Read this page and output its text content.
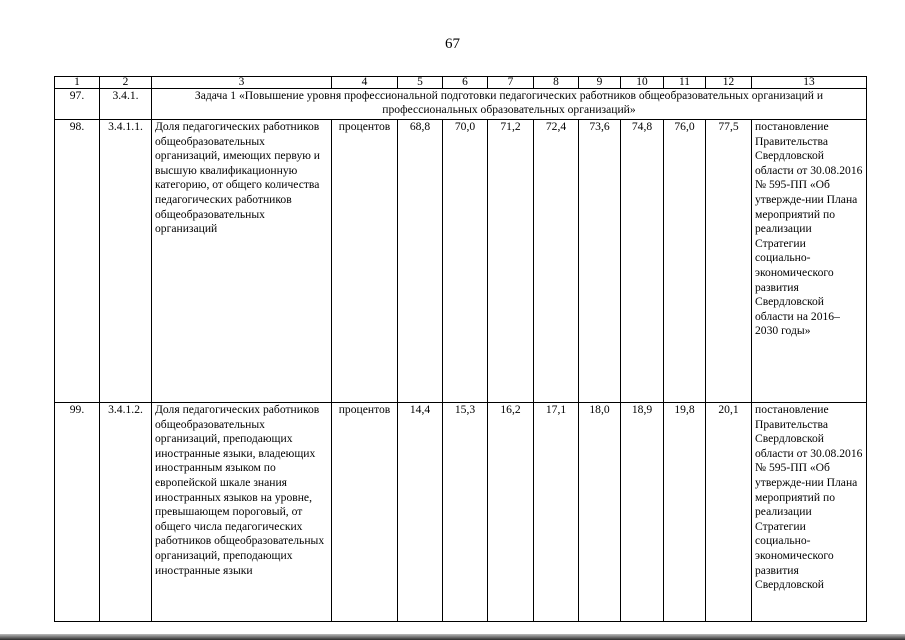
67
1	2	3	4	5	6	7	8	9	10	11	12	13
97.	3.4.1.	Задача 1 «Повышение уровня профессиональной подготовки педагогических работников общеобразовательных организаций и профессиональных образовательных организаций»										
98.	3.4.1.1.	Доля педагогических работников общеобразовательных организаций, имеющих первую и высшую квалификационную категорию, от общего количества педагогических работников общеобразовательных организаций	процентов	68,8	70,0	71,2	72,4	73,6	74,8	76,0	77,5	постановление Правительства Свердловской области от 30.08.2016 № 595-ПП «Об утвержде-нии Плана мероприятий по реализации Стратегии социально-экономического развития Свердловской области на 2016–2030 годы»
99.	3.4.1.2.	Доля педагогических работников общеобразовательных организаций, преподающих иностранные языки, владеющих иностранным языком по европейской шкале знания иностранных языков на уровне, превышающем пороговый, от общего числа педагогических работников общеобразовательных организаций, преподающих иностранные языки	процентов	14,4	15,3	16,2	17,1	18,0	18,9	19,8	20,1	постановление Правительства Свердловской области от 30.08.2016 № 595-ПП «Об утвержде-нии Плана мероприятий по реализации Стратегии социально-экономического развития Свердловской
